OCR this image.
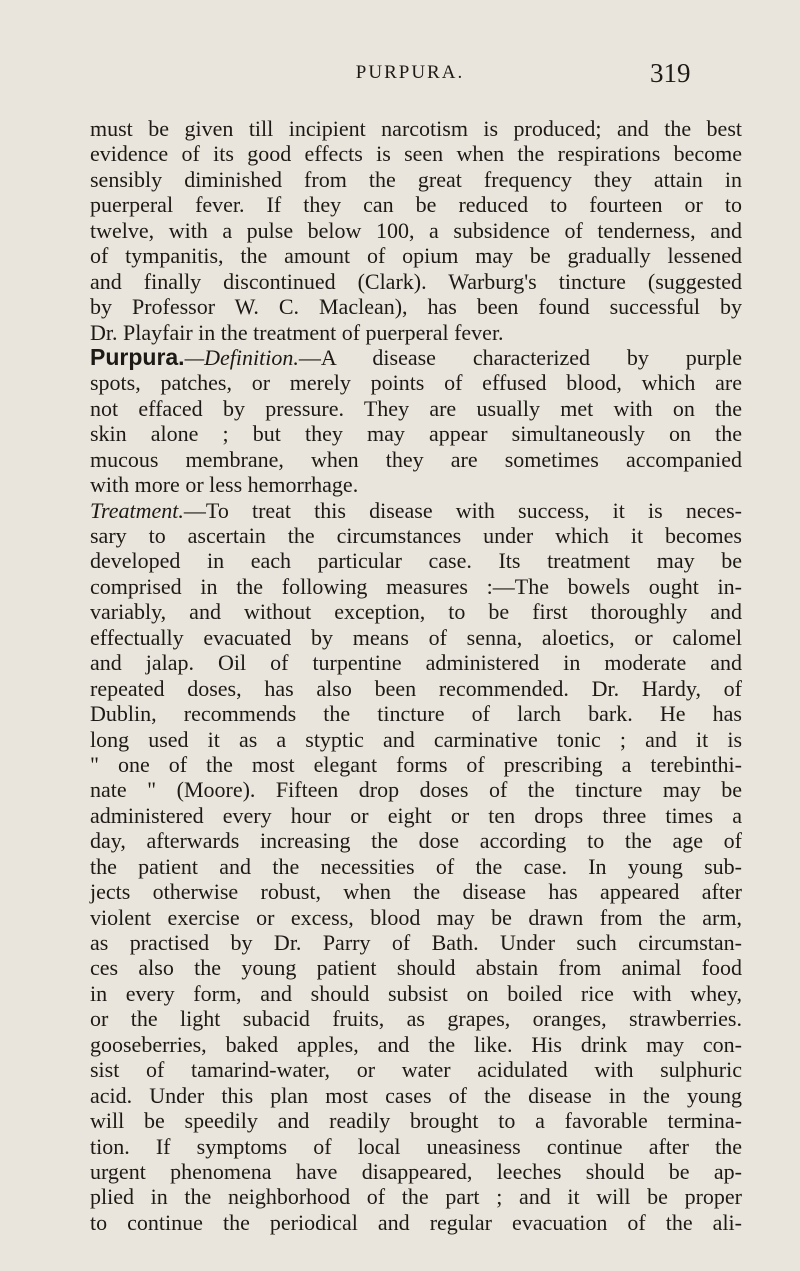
PURPURA.	319
must be given till incipient narcotism is produced; and the best
evidence of its good effects is seen when the respirations become
sensibly diminished from the great frequency they attain in
puerperal fever. If they can be reduced to fourteen or to
twelve, with a pulse below 100, a subsidence of tenderness, and
of tympanitis, the amount of opium may be gradually lessened
and finally discontinued (Clark). Warburg's tincture (suggested
by Professor W. C. Maclean), has been found successful by
Dr. Playfair in the treatment of puerperal fever.
Purpura.—Definition.—A disease characterized by purple
spots, patches, or merely points of effused blood, which are
not effaced by pressure. They are usually met with on the
skin alone ; but they may appear simultaneously on the
mucous membrane, when they are sometimes accompanied
with more or less hemorrhage.
Treatment.—To treat this disease with success, it is neces-
sary to ascertain the circumstances under which it becomes
developed in each particular case. Its treatment may be
comprised in the following measures :—The bowels ought in-
variably, and without exception, to be first thoroughly and
effectually evacuated by means of senna, aloetics, or calomel
and jalap. Oil of turpentine administered in moderate and
repeated doses, has also been recommended. Dr. Hardy, of
Dublin, recommends the tincture of larch bark. He has
long used it as a styptic and carminative tonic ; and it is
" one of the most elegant forms of prescribing a terebinthi-
nate " (Moore). Fifteen drop doses of the tincture may be
administered every hour or eight or ten drops three times a
day, afterwards increasing the dose according to the age of
the patient and the necessities of the case. In young sub-
jects otherwise robust, when the disease has appeared after
violent exercise or excess, blood may be drawn from the arm,
as practised by Dr. Parry of Bath. Under such circumstan-
ces also the young patient should abstain from animal food
in every form, and should subsist on boiled rice with whey,
or the light subacid fruits, as grapes, oranges, strawberries.
gooseberries, baked apples, and the like. His drink may con-
sist of tamarind-water, or water acidulated with sulphuric
acid. Under this plan most cases of the disease in the young
will be speedily and readily brought to a favorable termina-
tion. If symptoms of local uneasiness continue after the
urgent phenomena have disappeared, leeches should be ap-
plied in the neighborhood of the part ; and it will be proper
to continue the periodical and regular evacuation of the ali-
